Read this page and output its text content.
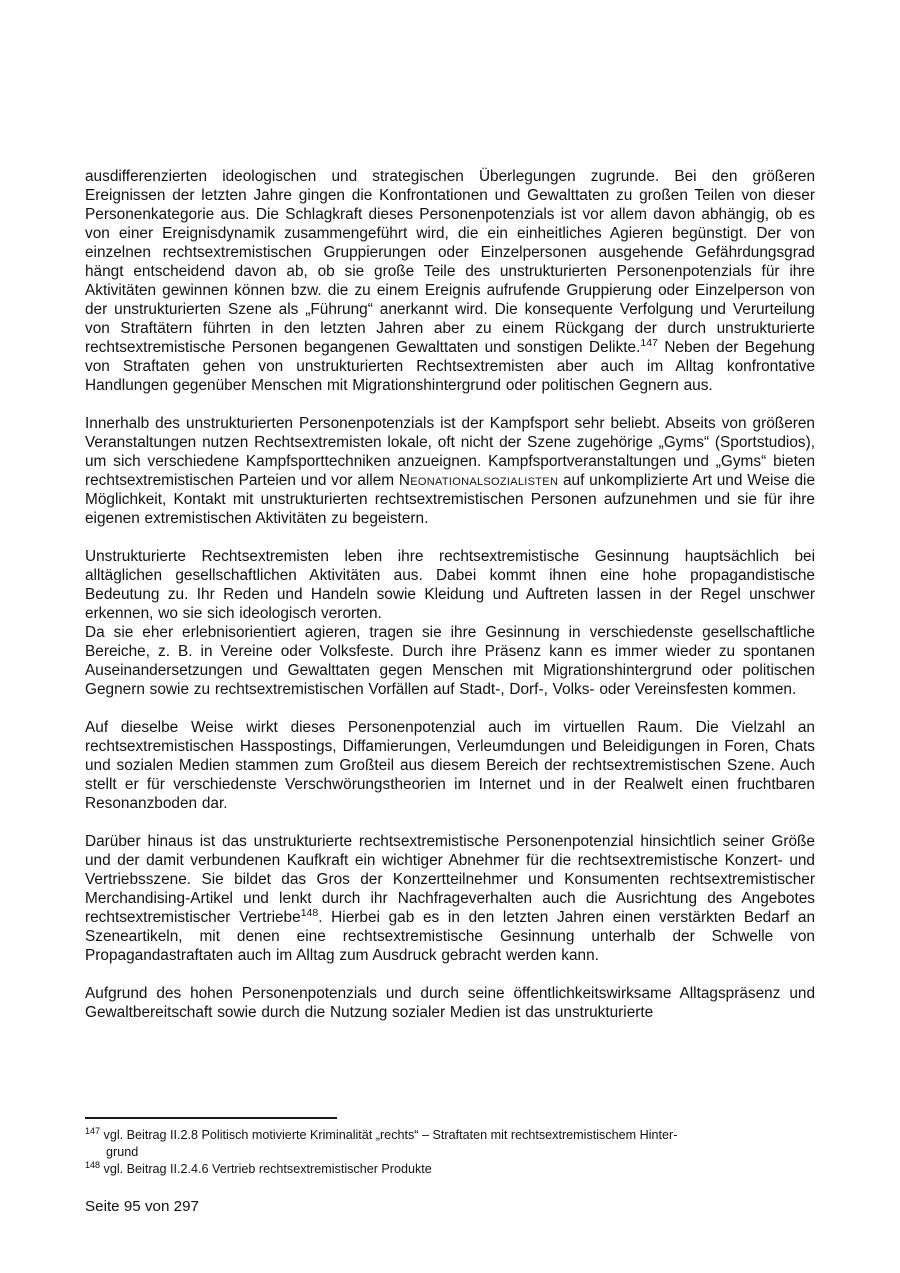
ausdifferenzierten ideologischen und strategischen Überlegungen zugrunde. Bei den größeren Ereignissen der letzten Jahre gingen die Konfrontationen und Gewalttaten zu großen Teilen von dieser Personenkategorie aus. Die Schlagkraft dieses Personenpotenzials ist vor allem davon abhängig, ob es von einer Ereignisdynamik zusammengeführt wird, die ein einheitliches Agieren begünstigt. Der von einzelnen rechtsextremistischen Gruppierungen oder Einzelpersonen ausgehende Gefährdungsgrad hängt entscheidend davon ab, ob sie große Teile des unstrukturierten Personenpotenzials für ihre Aktivitäten gewinnen können bzw. die zu einem Ereignis aufrufende Gruppierung oder Einzelperson von der unstrukturierten Szene als „Führung“ anerkannt wird. Die konsequente Verfolgung und Verurteilung von Straftätern führten in den letzten Jahren aber zu einem Rückgang der durch unstrukturierte rechtsextremistische Personen begangenen Gewalttaten und sonstigen Delikte.$^{147}$ Neben der Begehung von Straftaten gehen von unstrukturierten Rechtsextremisten aber auch im Alltag konfrontative Handlungen gegenüber Menschen mit Migrationshintergrund oder politischen Gegnern aus.

Innerhalb des unstrukturierten Personenpotenzials ist der Kampfsport sehr beliebt. Abseits von größeren Veranstaltungen nutzen Rechtsextremisten lokale, oft nicht der Szene zugehörige „Gyms“ (Sportstudios), um sich verschiedene Kampfsporttechniken anzueignen. Kampfsportveranstaltungen und „Gyms“ bieten rechtsextremistischen Parteien und vor allem Neonationalsozialisten auf unkomplizierte Art und Weise die Möglichkeit, Kontakt mit unstrukturierten rechtsextremistischen Personen aufzunehmen und sie für ihre eigenen extremistischen Aktivitäten zu begeistern.

Unstrukturierte Rechtsextremisten leben ihre rechtsextremistische Gesinnung hauptsächlich bei alltäglichen gesellschaftlichen Aktivitäten aus. Dabei kommt ihnen eine hohe propagandistische Bedeutung zu. Ihr Reden und Handeln sowie Kleidung und Auftreten lassen in der Regel unschwer erkennen, wo sie sich ideologisch verorten.

Da sie eher erlebnisorientiert agieren, tragen sie ihre Gesinnung in verschiedenste gesellschaftliche Bereiche, z. B. in Vereine oder Volksfeste. Durch ihre Präsenz kann es immer wieder zu spontanen Auseinandersetzungen und Gewalttaten gegen Menschen mit Migrationshintergrund oder politischen Gegnern sowie zu rechtsextremistischen Vorfällen auf Stadt-, Dorf-, Volks- oder Vereinsfesten kommen.

Auf dieselbe Weise wirkt dieses Personenpotenzial auch im virtuellen Raum. Die Vielzahl an rechtsextremistischen Hasspostings, Diffamierungen, Verleumdungen und Beleidigungen in Foren, Chats und sozialen Medien stammen zum Großteil aus diesem Bereich der rechtsextremistischen Szene. Auch stellt er für verschiedenste Verschwörungstheorien im Internet und in der Realwelt einen fruchtbaren Resonanzboden dar.

Darüber hinaus ist das unstrukturierte rechtsextremistische Personenpotenzial hinsichtlich seiner Größe und der damit verbundenen Kaufkraft ein wichtiger Abnehmer für die rechtsextremistische Konzert- und Vertriebsszene. Sie bildet das Gros der Konzertteilnehmer und Konsumenten rechtsextremistischer Merchandising-Artikel und lenkt durch ihr Nachfrageverhalten auch die Ausrichtung des Angebotes rechtsextremistischer Vertriebe$^{148}$. Hierbei gab es in den letzten Jahren einen verstärkten Bedarf an Szeneartikeln, mit denen eine rechtsextremistische Gesinnung unterhalb der Schwelle von Propagandastraftaten auch im Alltag zum Ausdruck gebracht werden kann.

Aufgrund des hohen Personenpotenzials und durch seine öffentlichkeitswirksame Alltagspräsenz und Gewaltbereitschaft sowie durch die Nutzung sozialer Medien ist das unstrukturierte

$^{147}$ vgl. Beitrag II.2.8 Politisch motivierte Kriminalität „rechts“ – Straftaten mit rechtsextremistischem Hinter-
grund
$^{148}$ vgl. Beitrag II.2.4.6 Vertrieb rechtsextremistischer Produkte
Seite 95 von 297
